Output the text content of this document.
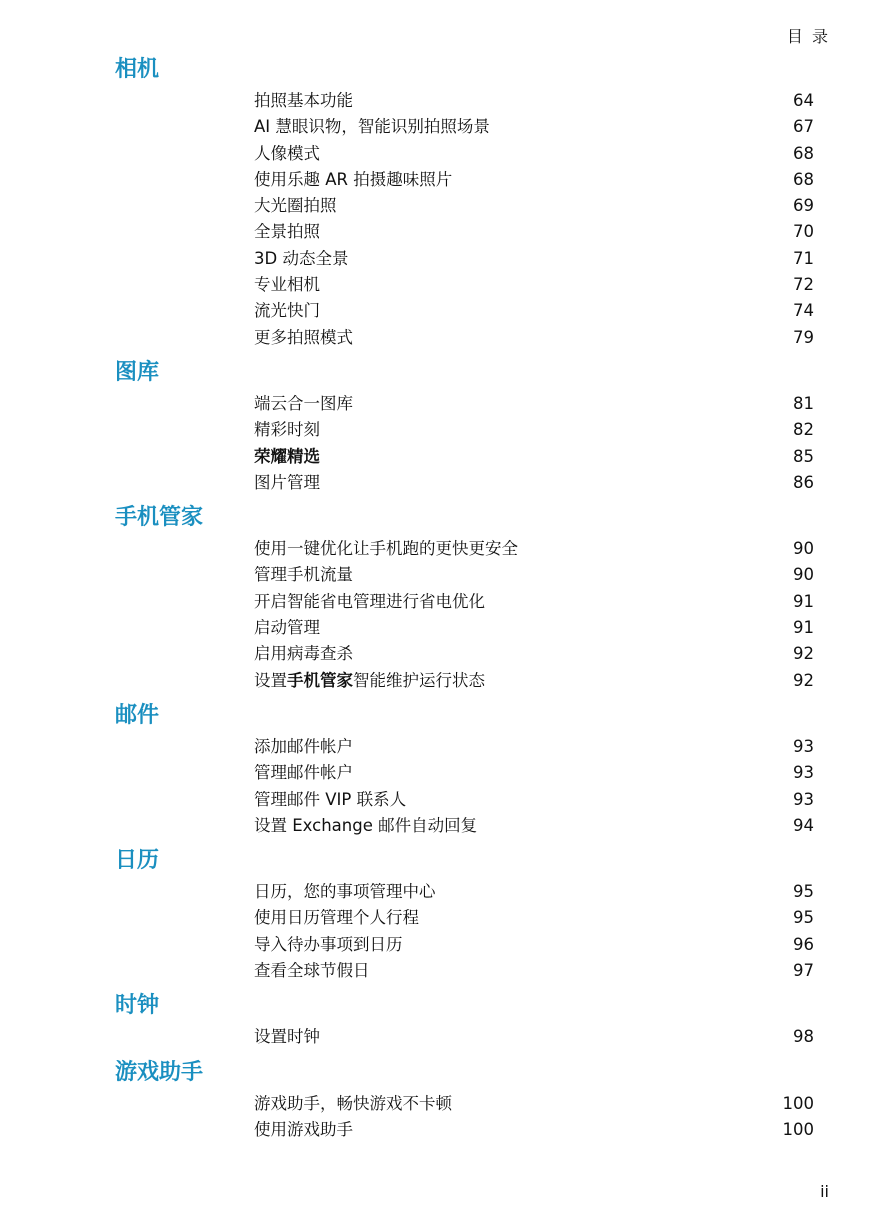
目 录
相机
拍照基本功能	64
AI 慧眼识物，智能识别拍照场景	67
人像模式	68
使用乐趣 AR 拍摄趣味照片	68
大光圈拍照	69
全景拍照	70
3D 动态全景	71
专业相机	72
流光快门	74
更多拍照模式	79
图库
端云合一图库	81
精彩时刻	82
荣耀精选	85
图片管理	86
手机管家
使用一键优化让手机跑的更快更安全	90
管理手机流量	90
开启智能省电管理进行省电优化	91
启动管理	91
启用病毒查杀	92
设置手机管家智能维护运行状态	92
邮件
添加邮件帐户	93
管理邮件帐户	93
管理邮件 VIP 联系人	93
设置 Exchange 邮件自动回复	94
日历
日历，您的事项管理中心	95
使用日历管理个人行程	95
导入待办事项到日历	96
查看全球节假日	97
时钟
设置时钟	98
游戏助手
游戏助手，畅快游戏不卡顿	100
使用游戏助手	100
ii
